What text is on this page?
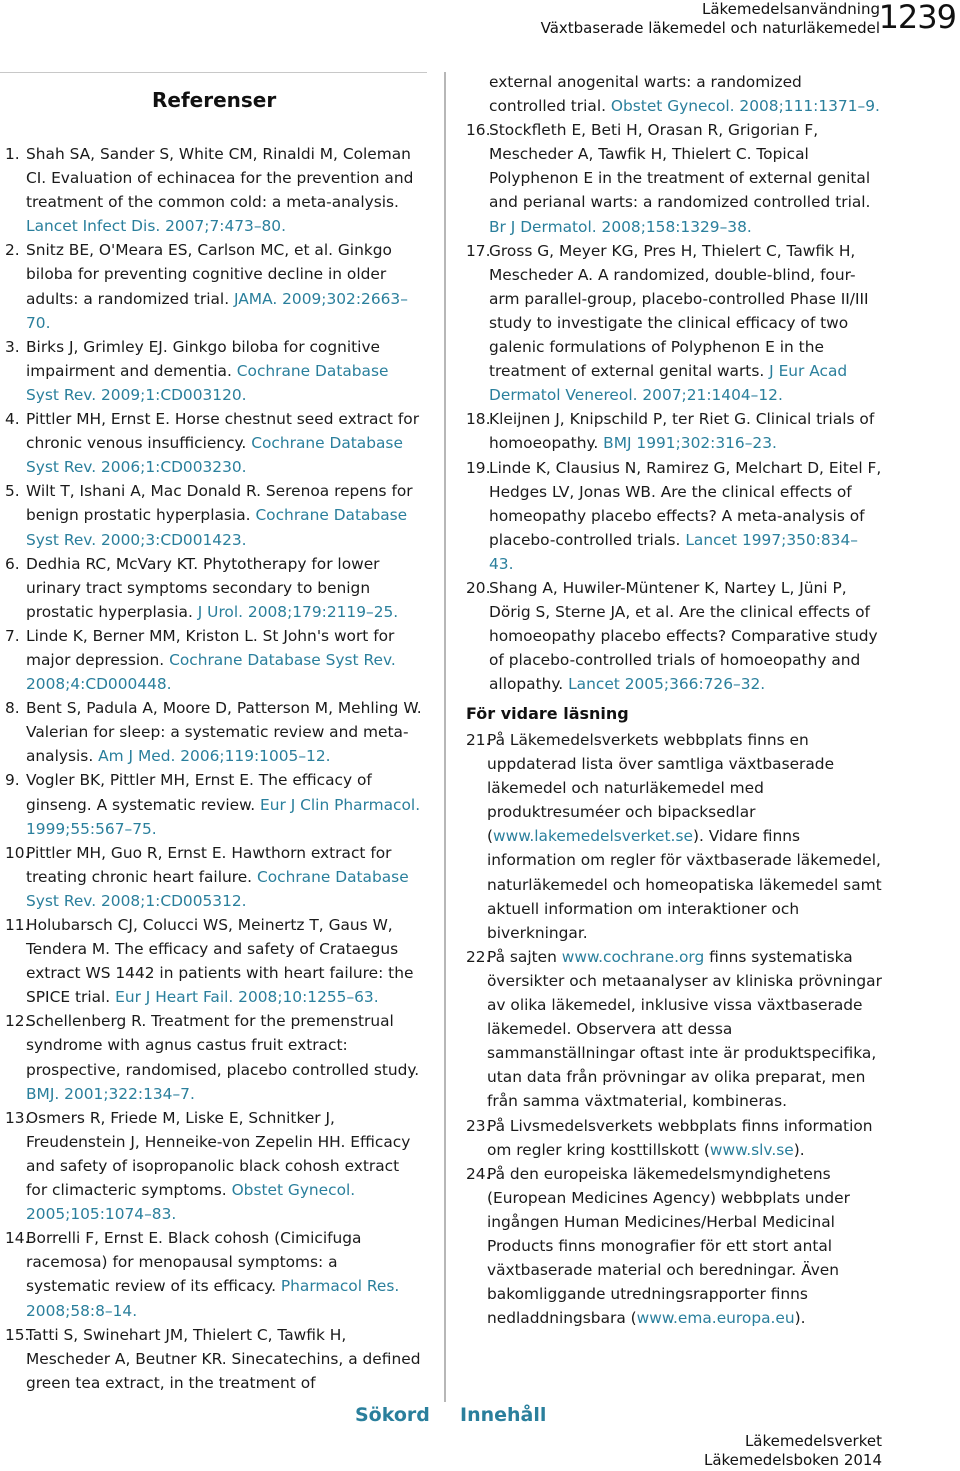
Läkemedelsanvändning
Växtbaserade läkemedel och naturläkemedel
1239
Referenser
1. Shah SA, Sander S, White CM, Rinaldi M, Coleman CI. Evaluation of echinacea for the prevention and treatment of the common cold: a meta-analysis. Lancet Infect Dis. 2007;7:473–80.
2. Snitz BE, O'Meara ES, Carlson MC, et al. Ginkgo biloba for preventing cognitive decline in older adults: a randomized trial. JAMA. 2009;302:2663–70.
3. Birks J, Grimley EJ. Ginkgo biloba for cognitive impairment and dementia. Cochrane Database Syst Rev. 2009;1:CD003120.
4. Pittler MH, Ernst E. Horse chestnut seed extract for chronic venous insufficiency. Cochrane Database Syst Rev. 2006;1:CD003230.
5. Wilt T, Ishani A, Mac Donald R. Serenoa repens for benign prostatic hyperplasia. Cochrane Database Syst Rev. 2000;3:CD001423.
6. Dedhia RC, McVary KT. Phytotherapy for lower urinary tract symptoms secondary to benign prostatic hyperplasia. J Urol. 2008;179:2119–25.
7. Linde K, Berner MM, Kriston L. St John's wort for major depression. Cochrane Database Syst Rev. 2008;4:CD000448.
8. Bent S, Padula A, Moore D, Patterson M, Mehling W. Valerian for sleep: a systematic review and meta-analysis. Am J Med. 2006;119:1005–12.
9. Vogler BK, Pittler MH, Ernst E. The efficacy of ginseng. A systematic review. Eur J Clin Pharmacol. 1999;55:567–75.
10.
Pittler MH, Guo R, Ernst E. Hawthorn extract for treating chronic heart failure. Cochrane Database Syst Rev. 2008;1:CD005312.
11.
Holubarsch CJ, Colucci WS, Meinertz T, Gaus W, Tendera M. The efficacy and safety of Crataegus extract WS 1442 in patients with heart failure: the SPICE trial. Eur J Heart Fail. 2008;10:1255–63.
12.
Schellenberg R. Treatment for the premenstrual syndrome with agnus castus fruit extract: prospective, randomised, placebo controlled study. BMJ. 2001;322:134–7.
13.
Osmers R, Friede M, Liske E, Schnitker J, Freudenstein J, Henneike-von Zepelin HH. Efficacy and safety of isopropanolic black cohosh extract for climacteric symptoms. Obstet Gynecol. 2005;105:1074–83.
14.
Borrelli F, Ernst E. Black cohosh (Cimicifuga racemosa) for menopausal symptoms: a systematic review of its efficacy. Pharmacol Res. 2008;58:8–14.
15.
Tatti S, Swinehart JM, Thielert C, Tawfik H, Mescheder A, Beutner KR. Sinecatechins, a defined green tea extract, in the treatment of
external anogenital warts: a randomized controlled trial. Obstet Gynecol. 2008;111:1371–9.
16.
Stockfleth E, Beti H, Orasan R, Grigorian F, Mescheder A, Tawfik H, Thielert C. Topical Polyphenon E in the treatment of external genital and perianal warts: a randomized controlled trial. Br J Dermatol. 2008;158:1329–38.
17.
Gross G, Meyer KG, Pres H, Thielert C, Tawfik H, Mescheder A. A randomized, double-blind, four-arm parallel-group, placebo-controlled Phase II/III study to investigate the clinical efficacy of two galenic formulations of Polyphenon E in the treatment of external genital warts. J Eur Acad Dermatol Venereol. 2007;21:1404–12.
18.
Kleijnen J, Knipschild P, ter Riet G. Clinical trials of homoeopathy. BMJ 1991;302:316–23.
19.
Linde K, Clausius N, Ramirez G, Melchart D, Eitel F, Hedges LV, Jonas WB. Are the clinical effects of homeopathy placebo effects? A meta-analysis of placebo-controlled trials. Lancet 1997;350:834–43.
20.
Shang A, Huwiler-Müntener K, Nartey L, Jüni P, Dörig S, Sterne JA, et al. Are the clinical effects of homoeopathy placebo effects? Comparative study of placebo-controlled trials of homoeopathy and allopathy. Lancet 2005;366:726–32.
För vidare läsning
21.
På Läkemedelsverkets webbplats finns en uppdaterad lista över samtliga växtbaserade läkemedel och naturläkemedel med produktresuméer och bipacksedlar (www.lakemedelsverket.se). Vidare finns information om regler för växtbaserade läkemedel, naturläkemedel och homeopatiska läkemedel samt aktuell information om interaktioner och biverkningar.
22.
På sajten www.cochrane.org finns systematiska översikter och metaanalyser av kliniska prövningar av olika läkemedel, inklusive vissa växtbaserade läkemedel. Observera att dessa sammanställningar oftast inte är produktspecifika, utan data från prövningar av olika preparat, men från samma växtmaterial, kombineras.
23.
På Livsmedelsverkets webbplats finns information om regler kring kosttillskott (www.slv.se).
24.
På den europeiska läkemedelsmyndighetens (European Medicines Agency) webbplats under ingången Human Medicines/Herbal Medicinal Products finns monografier för ett stort antal växtbaserade material och beredningar. Även bakomliggande utredningsrapporter finns nedladdningsbara (www.ema.europa.eu).
Sökord Innehåll
Läkemedelsverket
Läkemedelsboken 2014
